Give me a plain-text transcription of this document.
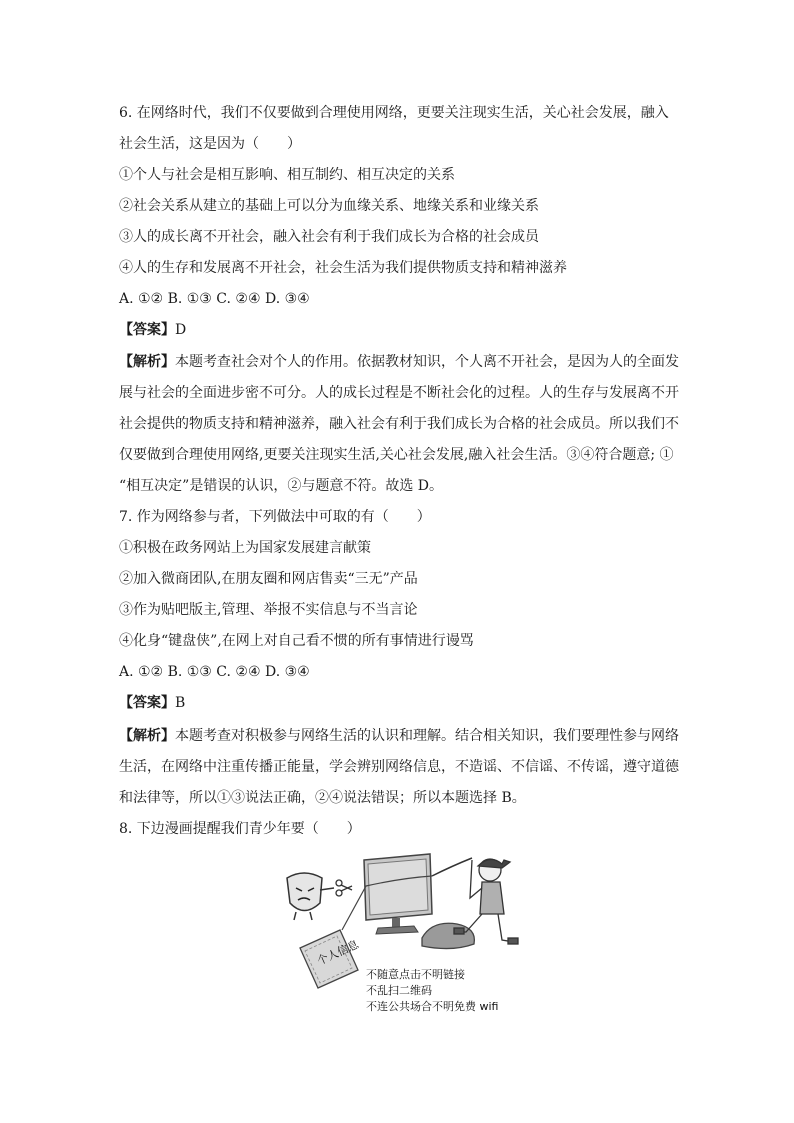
6. 在网络时代，我们不仅要做到合理使用网络，更要关注现实生活，关心社会发展，融入
社会生活，这是因为（　　）
①个人与社会是相互影响、相互制约、相互决定的关系
②社会关系从建立的基础上可以分为血缘关系、地缘关系和业缘关系
③人的成长离不开社会，融入社会有利于我们成长为合格的社会成员
④人的生存和发展离不开社会，社会生活为我们提供物质支持和精神滋养
A. ①② B. ①③ C. ②④ D. ③④
【答案】D
【解析】本题考查社会对个人的作用。依据教材知识，个人离不开社会，是因为人的全面发
展与社会的全面进步密不可分。人的成长过程是不断社会化的过程。人的生存与发展离不开
社会提供的物质支持和精神滋养，融入社会有利于我们成长为合格的社会成员。所以我们不
仅要做到合理使用网络,更要关注现实生活,关心社会发展,融入社会生活。③④符合题意; ①
“相互决定”是错误的认识，②与题意不符。故选 D。
7. 作为网络参与者，下列做法中可取的有（　　）
①积极在政务网站上为国家发展建言献策
②加入微商团队,在朋友圈和网店售卖“三无”产品
③作为贴吧版主,管理、举报不实信息与不当言论
④化身“键盘侠”,在网上对自己看不惯的所有事情进行谩骂
A. ①② B. ①③ C. ②④ D. ③④
【答案】B
【解析】本题考查对积极参与网络生活的认识和理解。结合相关知识，我们要理性参与网络
生活，在网络中注重传播正能量，学会辨别网络信息，不造谣、不信谣、不传谣，遵守道德
和法律等，所以①③说法正确，②④说法错误；所以本题选择 B。
8. 下边漫画提醒我们青少年要（　　）
个人信息
不随意点击不明链接
不乱扫二维码
不连公共场合不明免费 wifi
